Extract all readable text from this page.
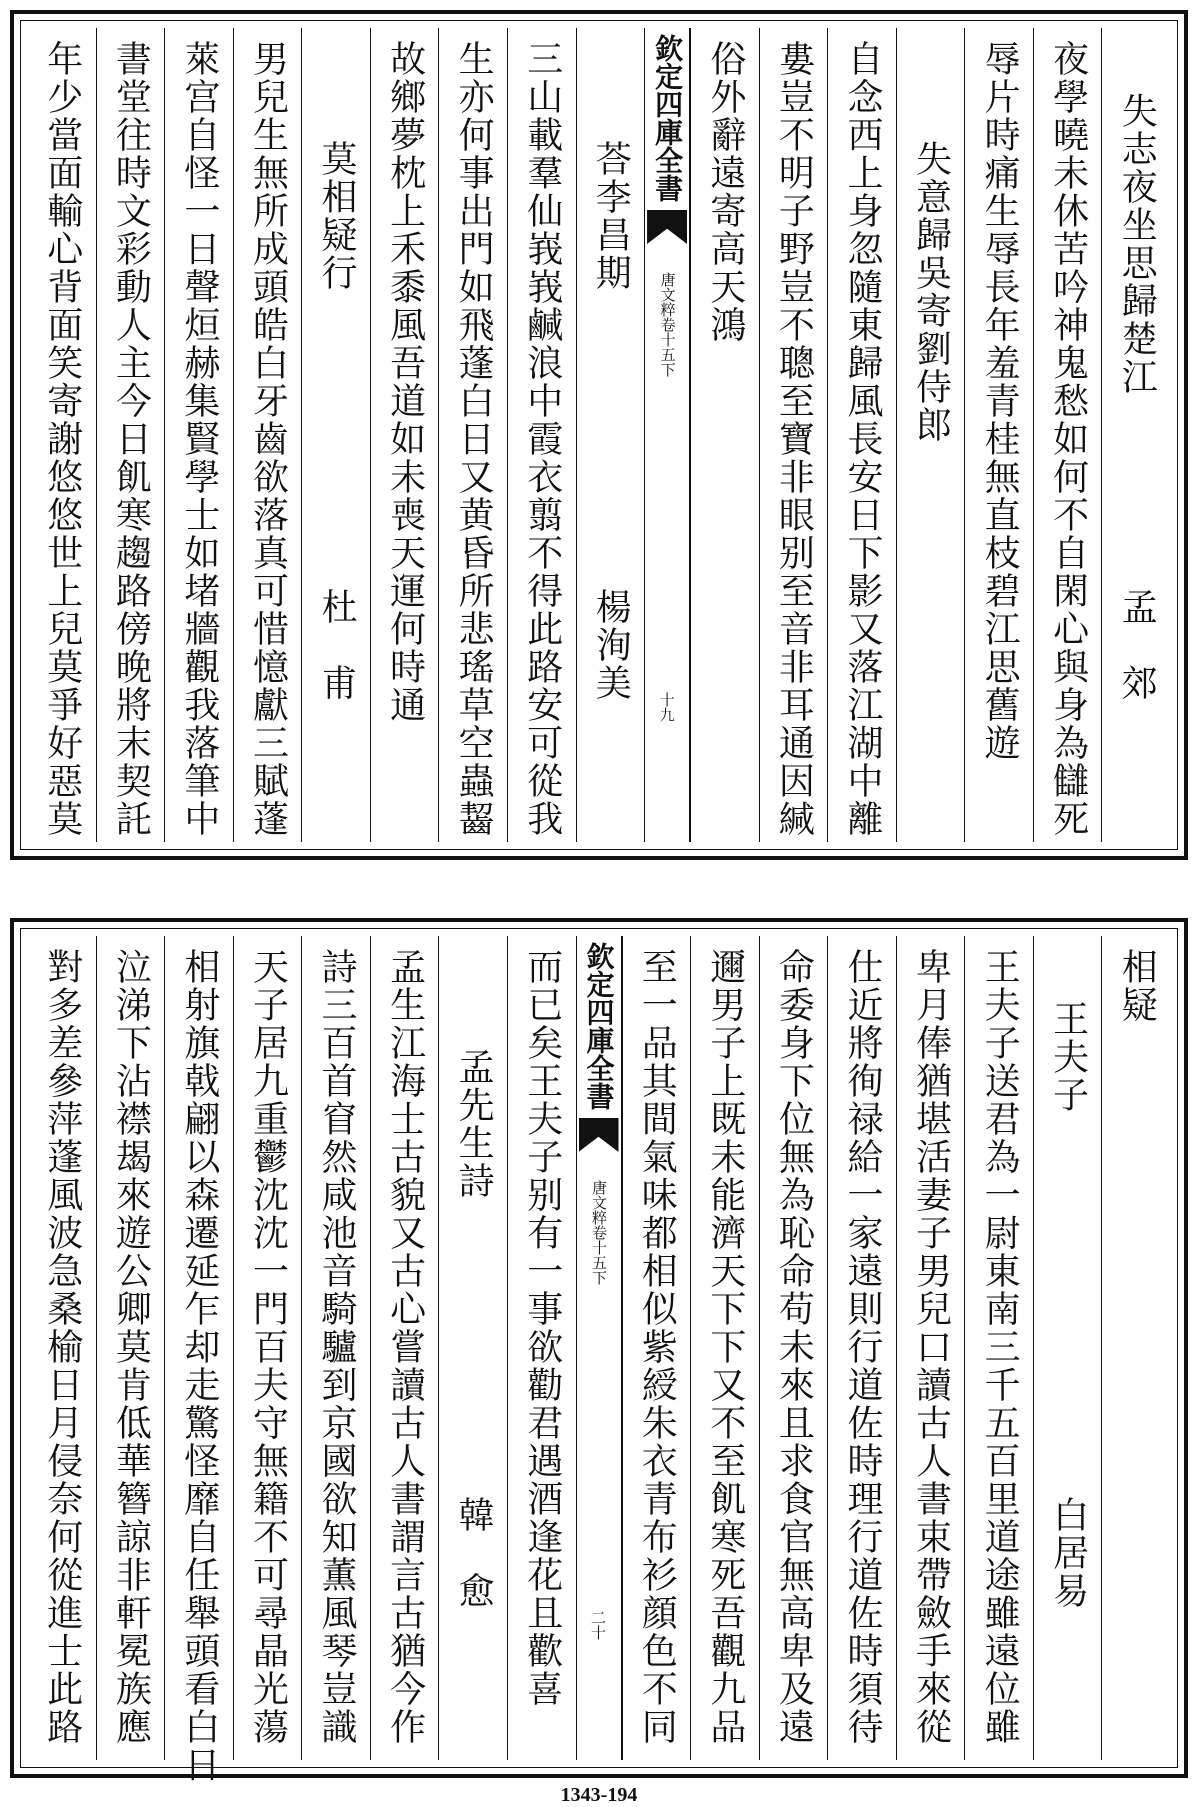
失志夜坐思歸楚江
孟　郊
夜學曉未休苦吟神鬼愁如何不自閑心與身為讎死
辱片時痛生辱長年羞青桂無直枝碧江思舊遊
失意歸吳寄劉侍郎
自念西上身忽隨東歸風長安日下影又落江湖中離
婁豈不明子野豈不聰至寶非眼别至音非耳通因緘
俗外辭遠寄高天鴻
欽定四庫全書
唐文粹卷十五下
十九
荅李昌期
楊洵美
三山載羣仙峩峩鹹浪中霞衣翦不得此路安可從我
生亦何事出門如飛蓬白日又黄昏所悲瑤草空蟲齧
故鄉夢枕上禾黍風吾道如未喪天運何時通
莫相疑行
杜　甫
男兒生無所成頭皓白牙齒欲落真可惜憶獻三賦蓬
萊宫自怪一日聲烜赫集賢學士如堵牆觀我落筆中
書堂往時文彩動人主今日飢寒趨路傍晚將末契託
年少當面輸心背面笑寄謝悠悠世上兒莫爭好惡莫
相疑
王夫子
白居易
王夫子送君為一尉東南三千五百里道途雖遠位雖
卑月俸猶堪活妻子男兒口讀古人書束帶斂手來從
仕近將徇禄給一家遠則行道佐時理行道佐時須待
命委身下位無為恥命苟未來且求食官無高卑及遠
邇男子上既未能濟天下下又不至飢寒死吾觀九品
至一品其間氣味都相似紫綬朱衣青布衫顔色不同
欽定四庫全書
唐文粹卷十五下
二十
而已矣王夫子别有一事欲勸君遇酒逢花且歡喜
孟先生詩
韓　愈
孟生江海士古貌又古心嘗讀古人書謂言古猶今作
詩三百首窅然咸池音騎驢到京國欲知薫風琴豈識
天子居九重鬱沈沈一門百夫守無籍不可尋晶光蕩
相射旗戟翩以森遷延乍却走驚怪靡自任舉頭看白日
泣涕下沾襟朅來遊公卿莫肯低華簪諒非軒冕族應
對多差參萍蓬風波急桑榆日月侵奈何從進士此路
1343-194
